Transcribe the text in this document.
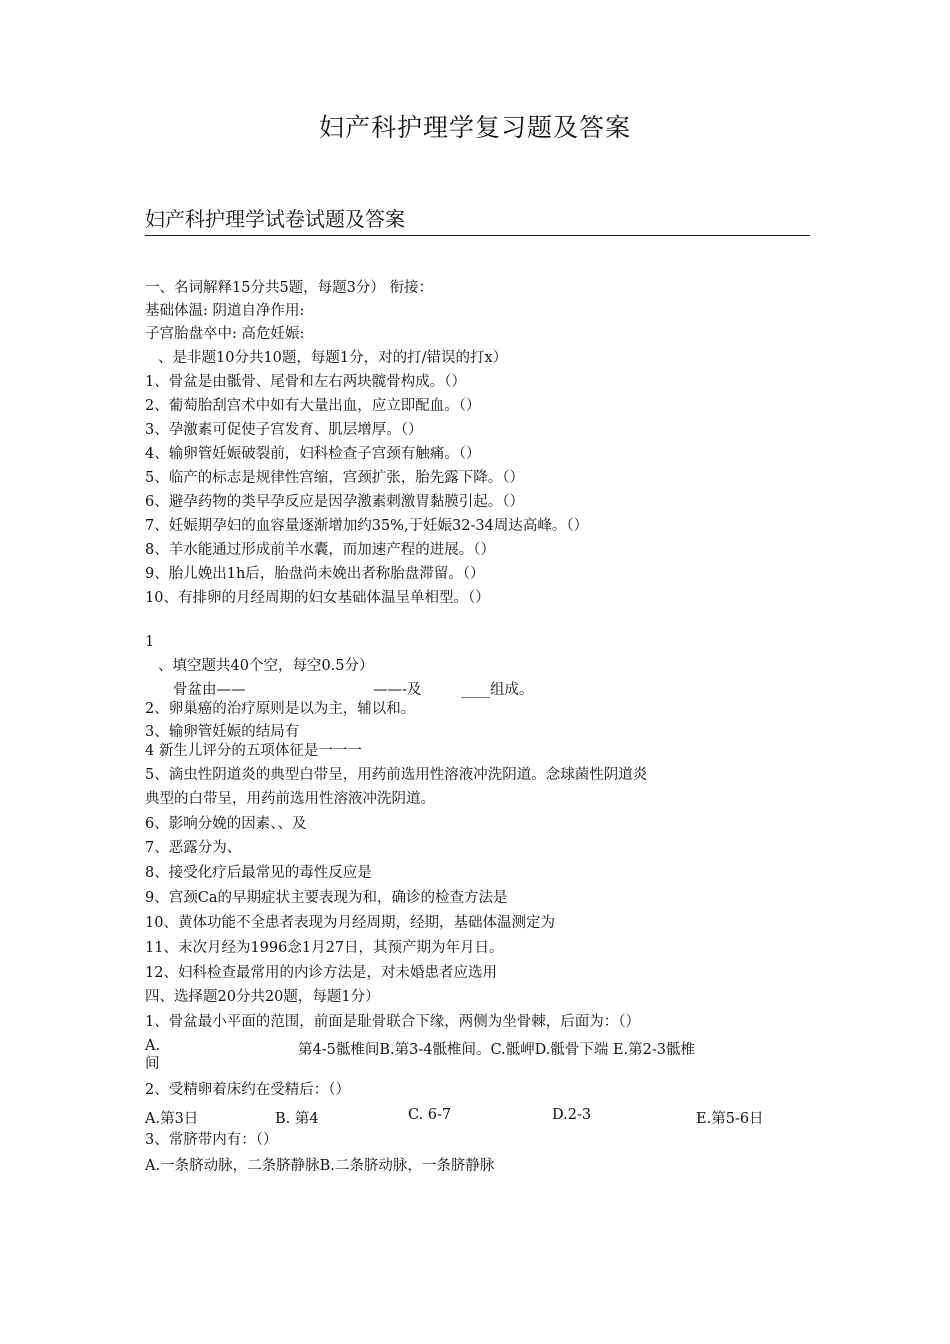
妇产科护理学复习题及答案
妇产科护理学试卷试题及答案
一、名词解释15分共5题，每题3分） 衔接：
基础体温: 阴道自净作用:
子宫胎盘卒中: 高危妊娠:
、是非题10分共10题，每题1分，对的打/错误的打x）
1、骨盆是由骶骨、尾骨和左右两块髋骨构成。（）
2、葡萄胎刮宫术中如有大量出血，应立即配血。（）
3、孕激素可促使子宫发育、肌层增厚。（）
4、输卵管妊娠破裂前，妇科检查子宫颈有触痛。（）
5、临产的标志是规律性宫缩，宫颈扩张，胎先露下降。（）
6、避孕药物的类早孕反应是因孕激素刺激胃黏膜引起。（）
7、妊娠期孕妇的血容量逐渐增加约35%,于妊娠32-34周达高峰。（）
8、羊水能通过形成前羊水囊，而加速产程的进展。（）
9、胎儿娩出1h后，胎盘尚未娩出者称胎盘滞留。（）
10、有排卵的月经周期的妇女基础体温呈单相型。（）
1
、填空题共40个空，每空0.5分）
骨盆由——	——-及	____组成。
2、卵巢癌的治疗原则是以为主，辅以和。
3、输卵管妊娠的结局有
4 新生儿评分的五项体征是一一一
5、滴虫性阴道炎的典型白带呈，用药前选用性溶液冲洗阴道。念球菌性阴道炎
典型的白带呈，用药前选用性溶液冲洗阴道。
6、影响分娩的因素、、及
7、恶露分为、
8、接受化疗后最常见的毒性反应是
9、宫颈Ca的早期症状主要表现为和，确诊的检查方法是
10、黄体功能不全患者表现为月经周期，经期，基础体温测定为
11、末次月经为1996念1月27日，其预产期为年月日。
12、妇科检查最常用的内诊方法是，对未婚患者应选用
四、选择题20分共20题，每题1分）
1、骨盆最小平面的范围，前面是耻骨联合下缘，两侧为坐骨棘，后面为：（）
A.	第4-5骶椎间B.第3-4骶椎间。C.骶岬D.骶骨下端 E.第2-3骶椎
间
2、受精卵着床约在受精后：（）
A.第3日	B. 第4	C. 6-7	D.2-3	E.第5-6日
3、常脐带内有：（）
A.一条脐动脉，二条脐静脉B.二条脐动脉，一条脐静脉
